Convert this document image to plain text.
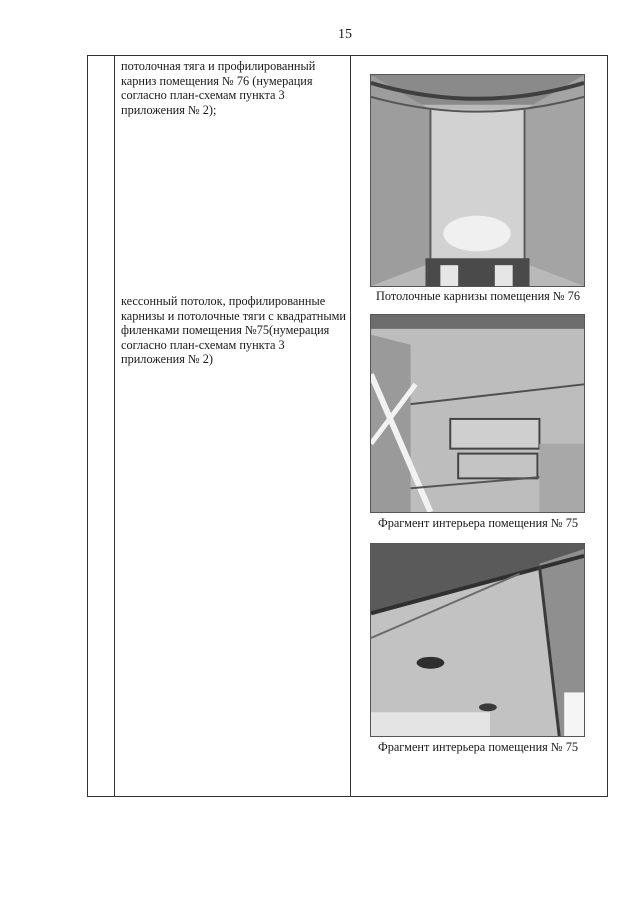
15
потолочная тяга и профилированный карниз помещения № 76 (нумерация согласно план-схемам пункта 3 приложения № 2);
кессонный потолок, профилированные карнизы и потолочные тяги с квадратными филенками помещения №75(нумерация согласно план-схемам пункта 3 приложения № 2)
Потолочные карнизы помещения № 76
Фрагмент интерьера помещения № 75
Фрагмент интерьера помещения № 75
